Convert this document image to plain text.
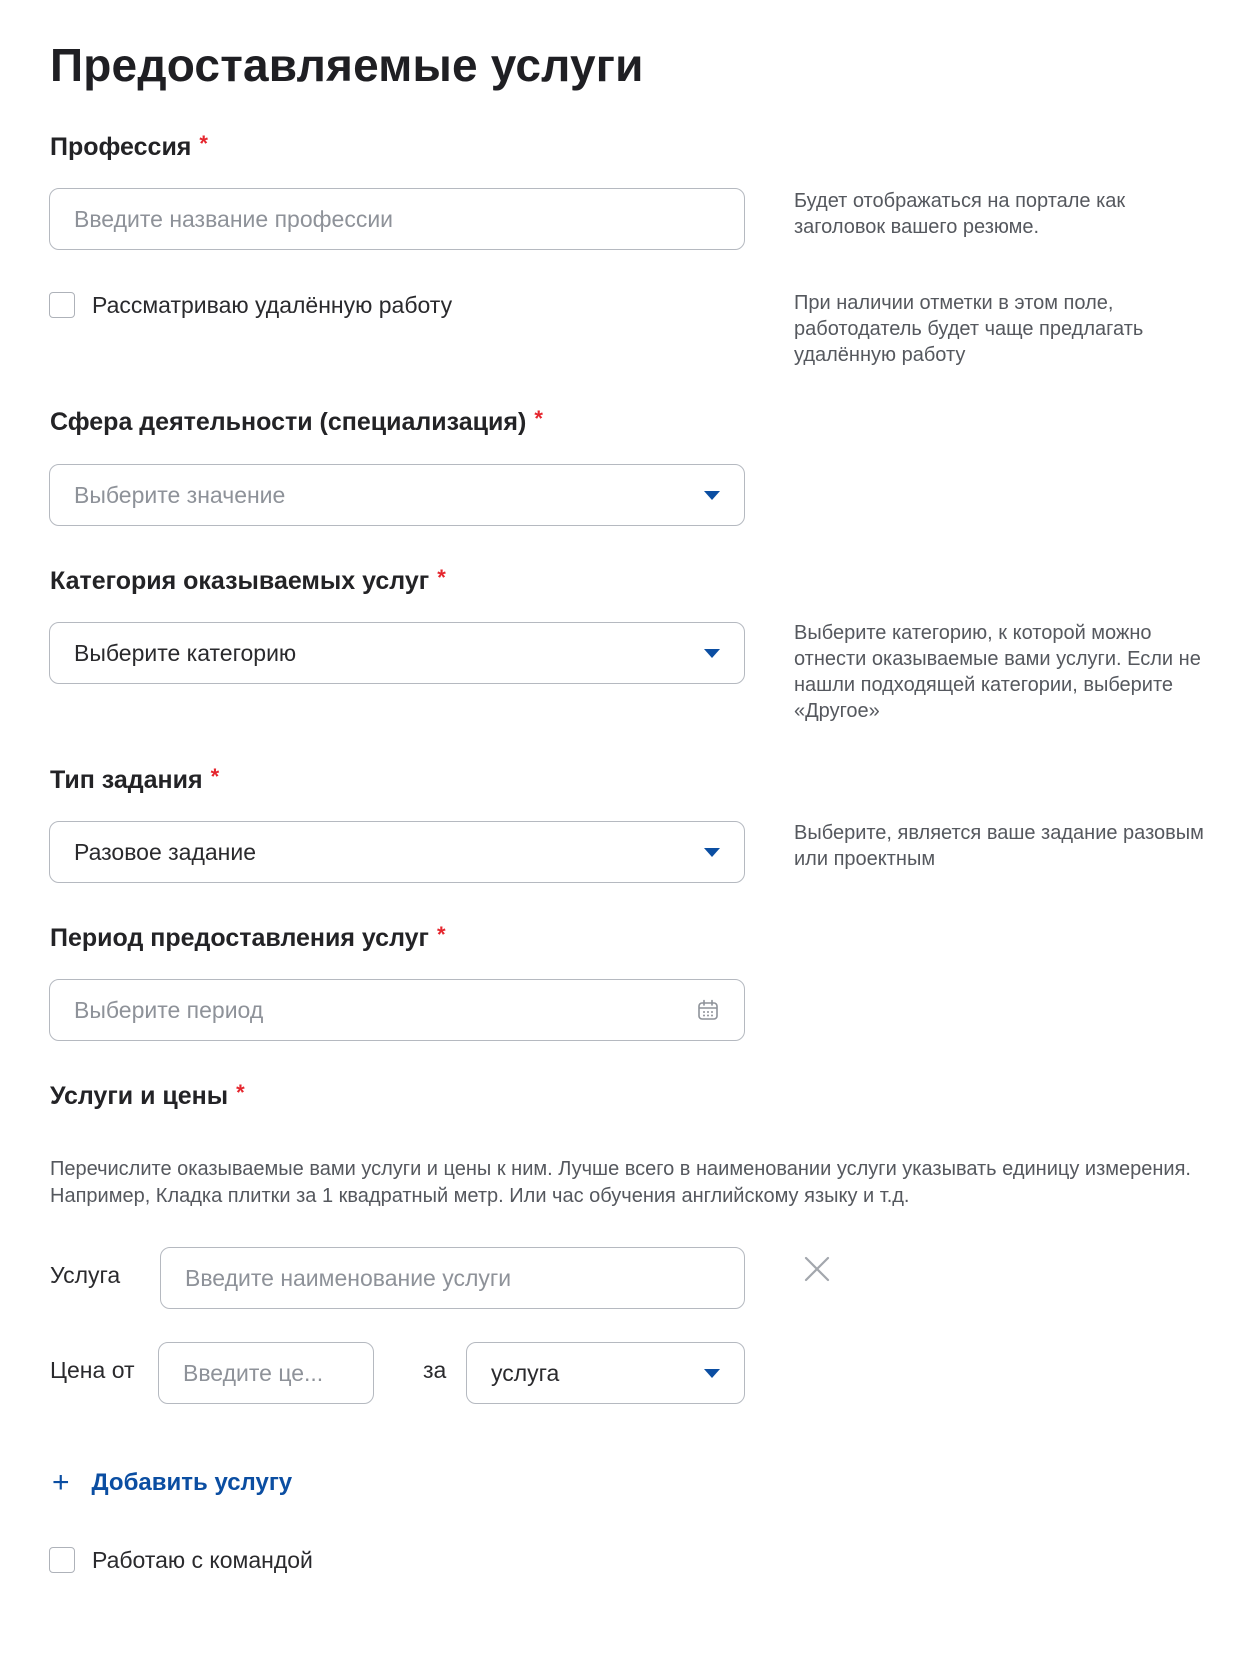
Предоставляемые услуги
Профессия *
Введите название профессии
Будет отображаться на портале как заголовок вашего резюме.
Рассматриваю удалённую работу	При наличии отметки в этом поле, работодатель будет чаще предлагать удалённую работу
Сфера деятельности (специализация) *
Выберите значение
Категория оказываемых услуг *
Выберите категорию
Выберите категорию, к которой можно отнести оказываемые вами услуги. Если не нашли подходящей категории, выберите «Другое»
Тип задания *
Разовое задание
Выберите, является ваше задание разовым или проектным
Период предоставления услуг *
Выберите период
Услуги и цены *
Перечислите оказываемые вами услуги и цены к ним. Лучше всего в наименовании услуги указывать единицу измерения. Например, Кладка плитки за 1 квадратный метр. Или час обучения английскому языку и т.д.
Услуга	Введите наименование услуги
Цена от Введите це...	за услуга
+ Добавить услугу
Работаю с командой
